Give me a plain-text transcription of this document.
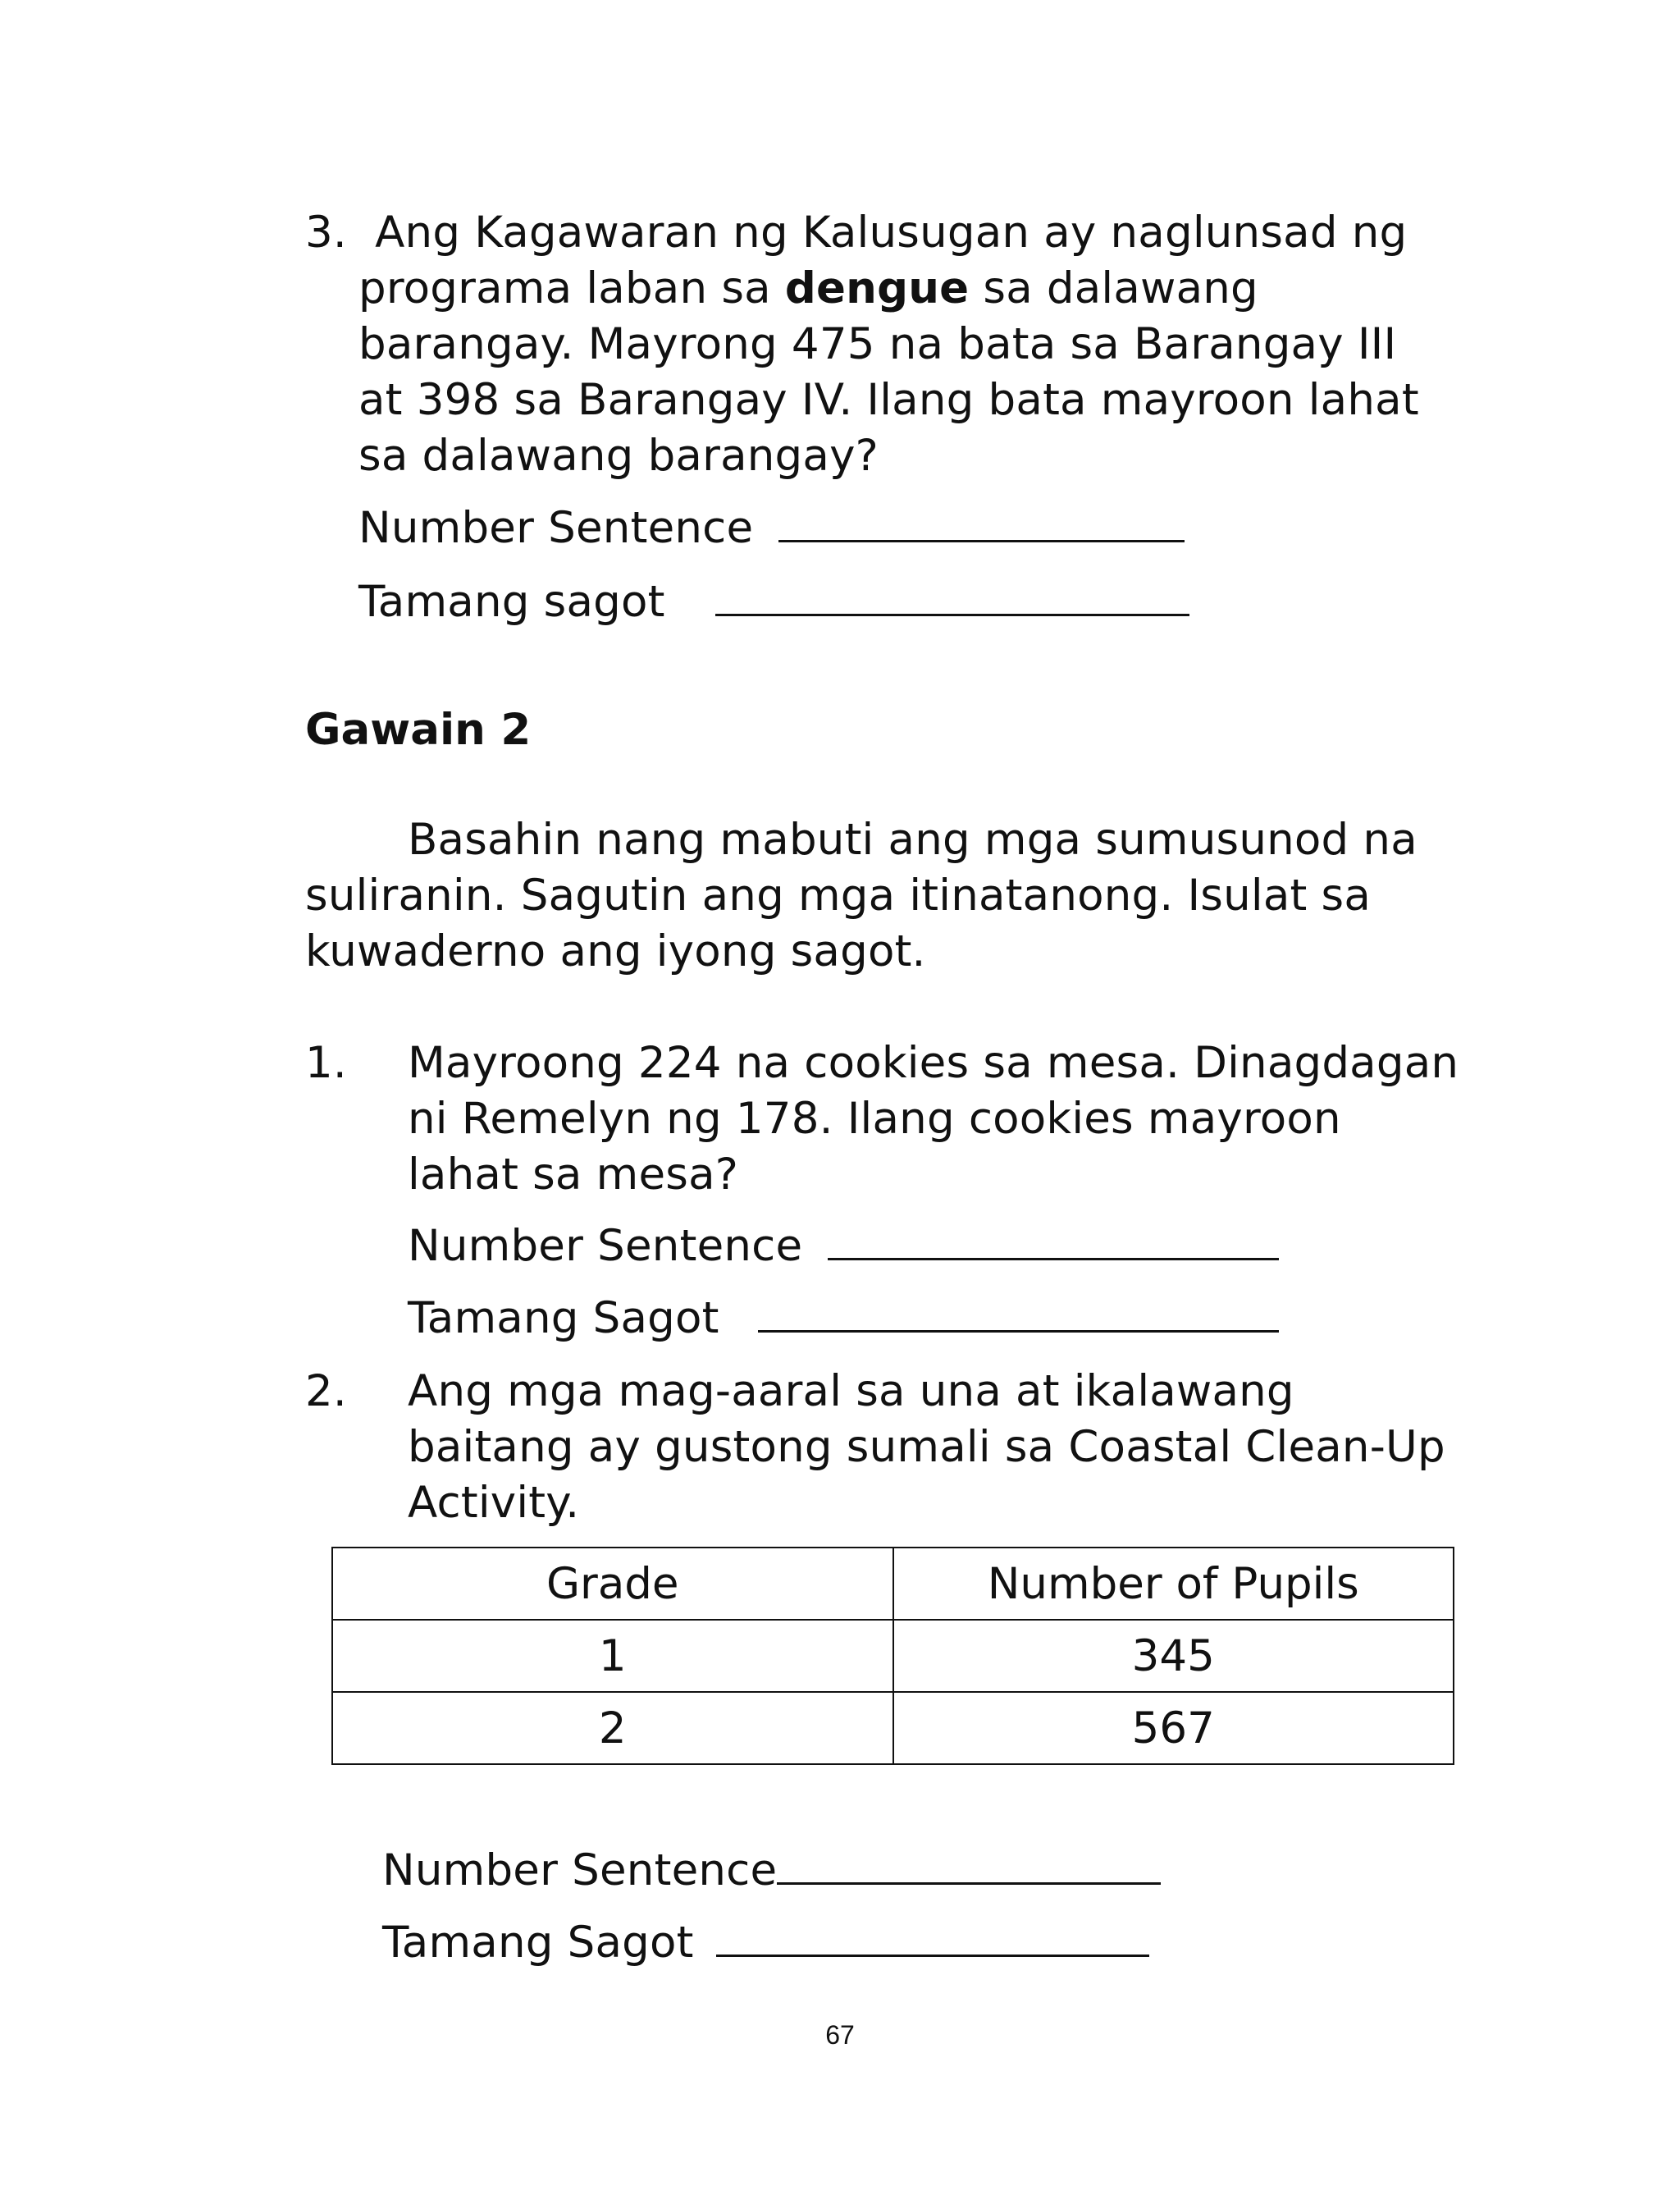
3. Ang Kagawaran ng Kalusugan ay naglunsad ng
programa laban sa dengue sa dalawang
barangay. Mayrong 475 na bata sa Barangay III
at 398 sa Barangay IV. Ilang bata mayroon lahat
sa dalawang barangay?
Number Sentence
Tamang sagot
Gawain 2
Basahin nang mabuti ang mga sumusunod na
suliranin. Sagutin ang mga itinatanong. Isulat sa
kuwaderno ang iyong sagot.
1. Mayroong 224 na cookies sa mesa. Dinagdagan
ni Remelyn ng 178. Ilang cookies mayroon
lahat sa mesa?
Number Sentence
Tamang Sagot
2. Ang mga mag-aaral sa una at ikalawang
baitang ay gustong sumali sa Coastal Clean-Up
Activity.
Grade	Number of Pupils
1	345
2	567
Number Sentence
Tamang Sagot
67
